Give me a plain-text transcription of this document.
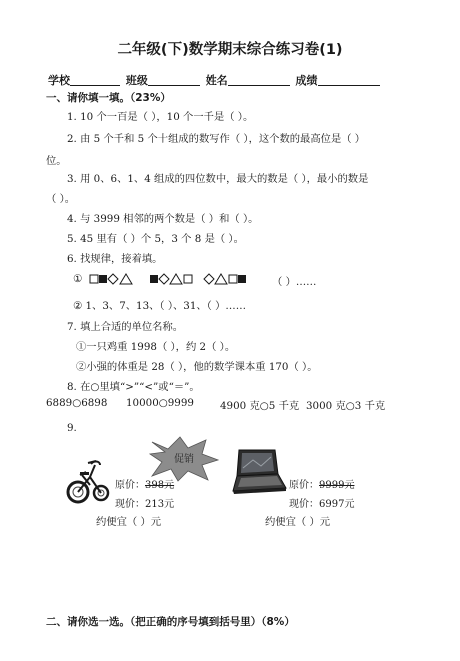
二年级(下)数学期末综合练习卷(1)
学校	班级	姓名	成绩
一、请你填一填。（23%）
1. 10 个一百是（ ），10 个一千是（ ）。
2. 由 5 个千和 5 个十组成的数写作（ ），这个数的最高位是（ ）
位。
3. 用 0、6、1、4 组成的四位数中，最大的数是（ ），最小的数是
（ ）。
4. 与 3999 相邻的两个数是（ ）和（ ）。
5. 45 里有（ ）个 5，3 个 8 是（ ）。
6. 找规律，接着填。
①	（ ）……
② 1、3、7、13、（ ）、31、（ ）……
7. 填上合适的单位名称。
①一只鸡重 1998（ ），约 2（ ）。
②小强的体重是 28（ ），他的数学课本重 170（ ）。
8. 在○里填“>”“<”或“＝”。
6889○6898 10000○9999	4900 克○5 千克 3000 克○3 千克
9.
促销
原价：398元
现价：213元
约便宜（ ）元
原价：9999元
现价：6997元
约便宜（ ）元
二、请你选一选。（把正确的序号填到括号里）（8%）
